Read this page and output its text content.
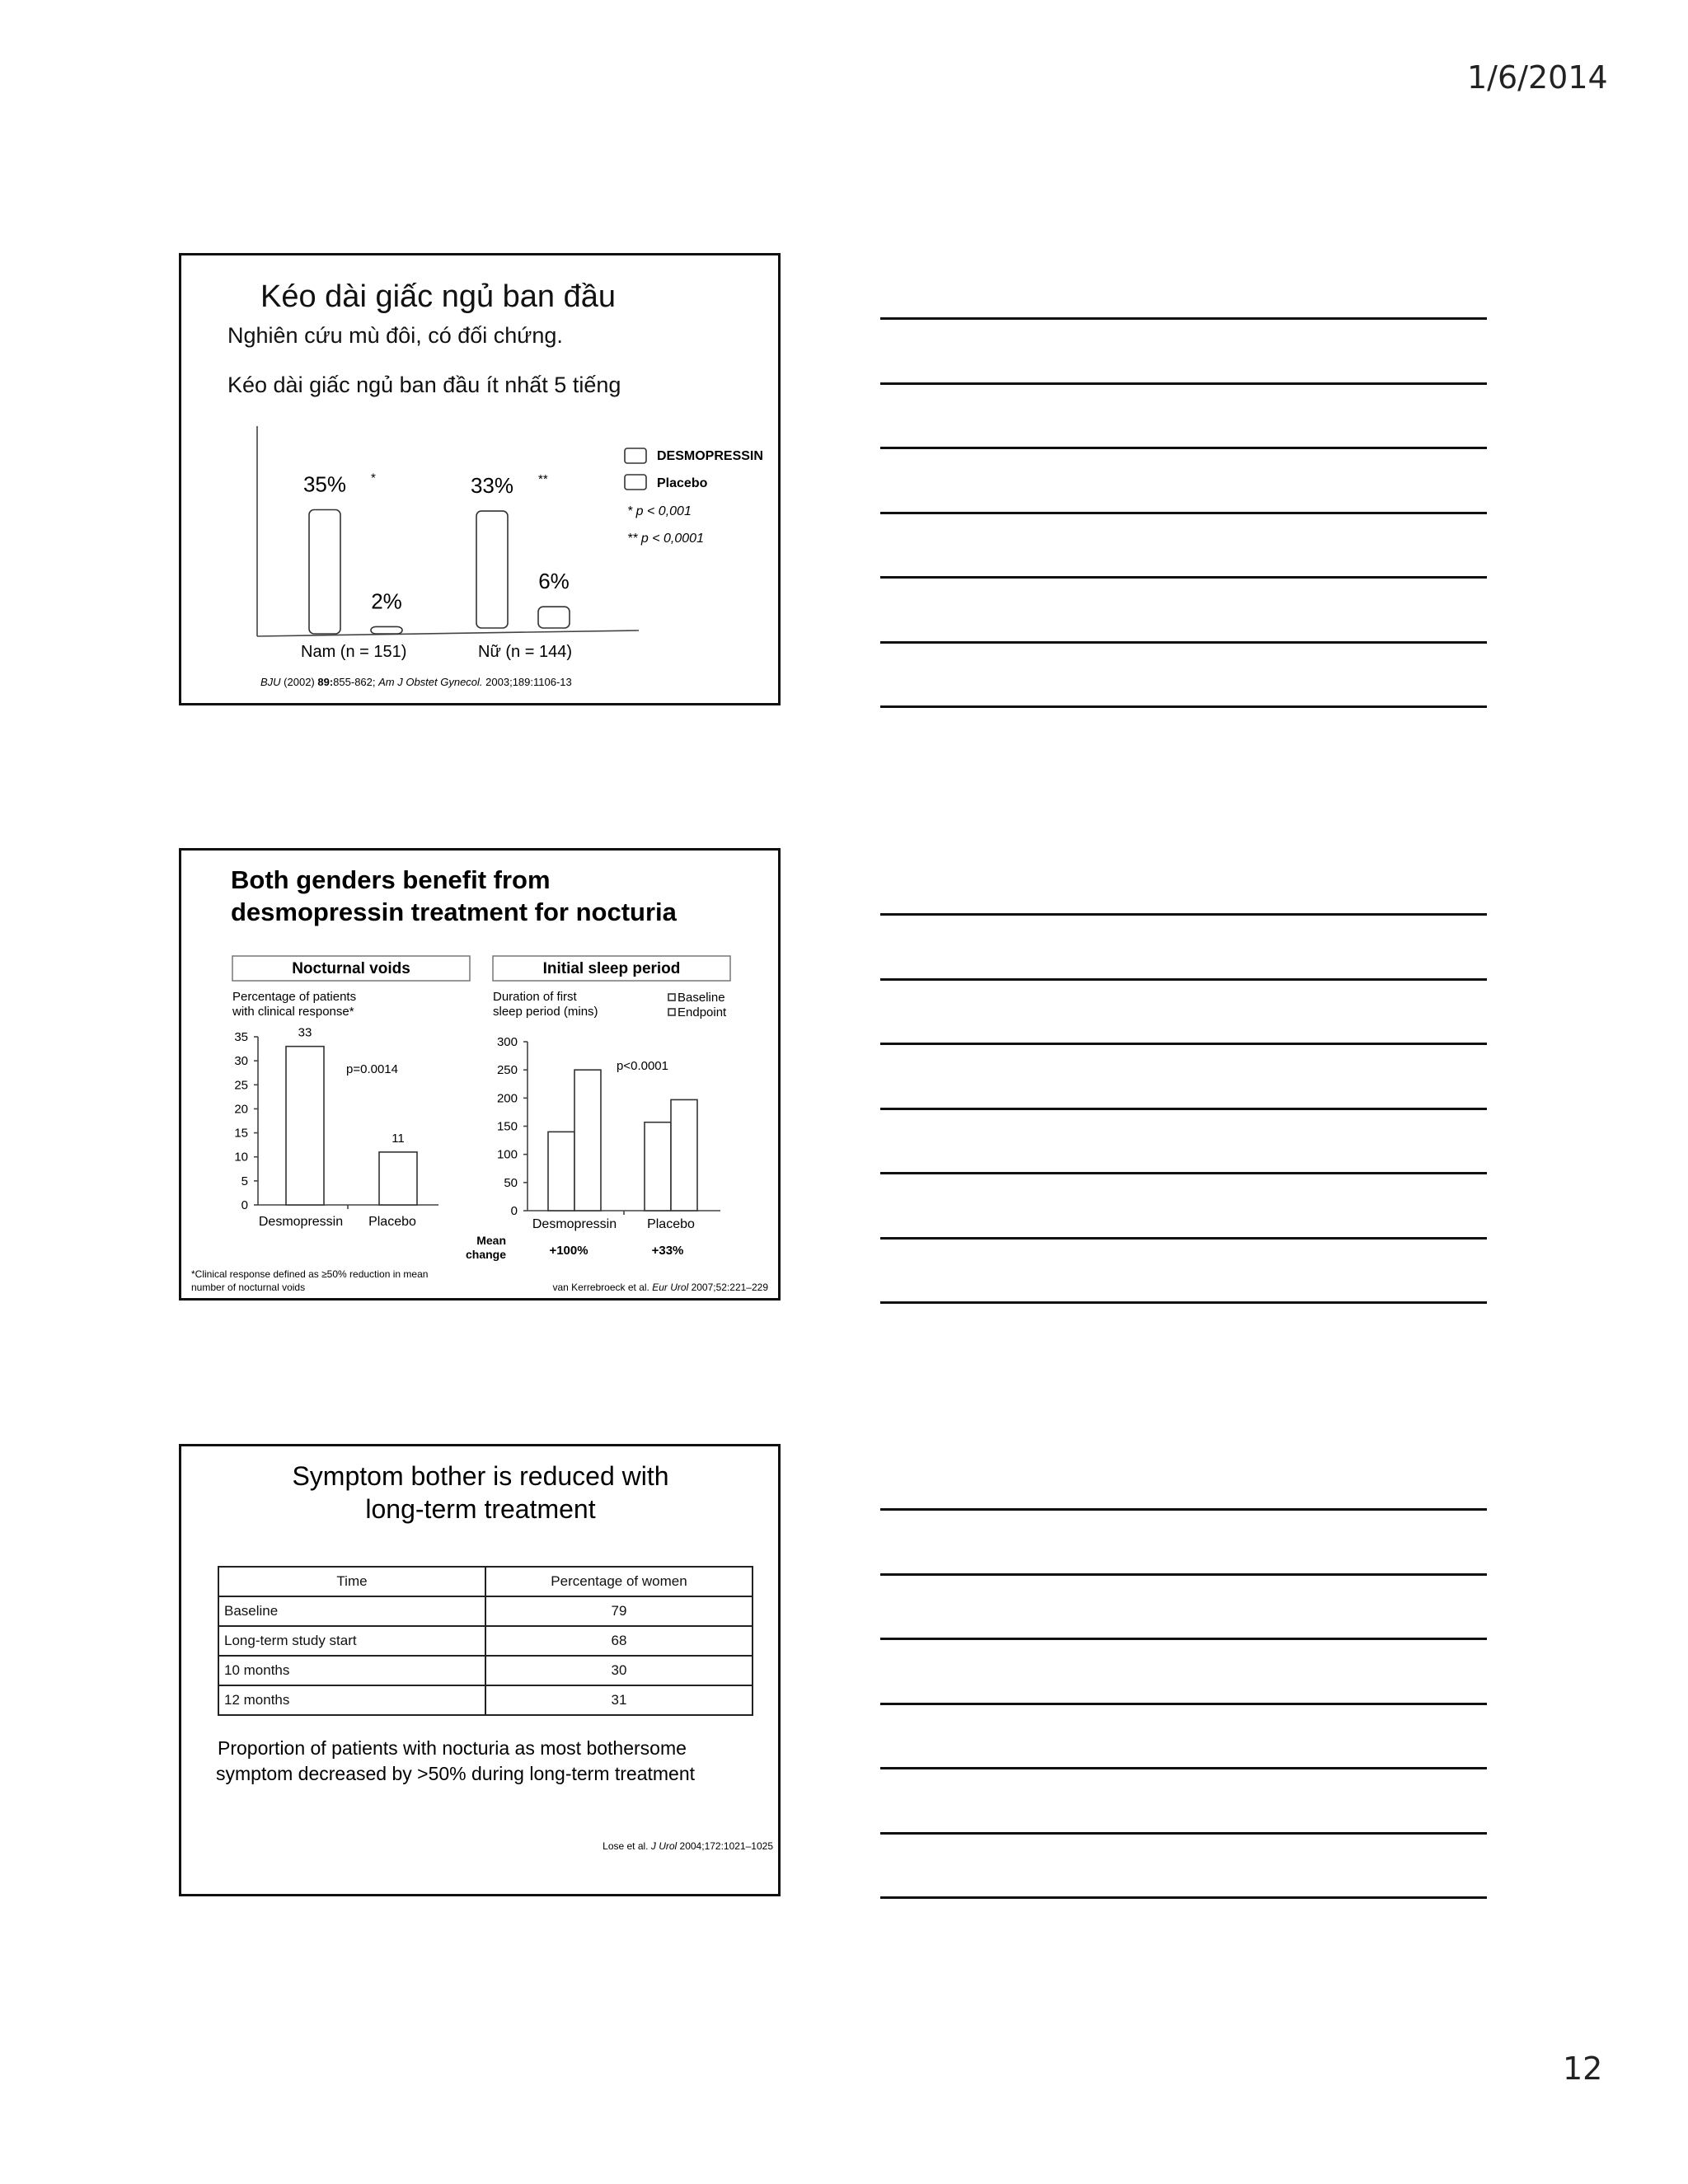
1/6/2014
12
Kéo dài giấc ngủ ban đầu
Nghiên cứu mù đôi, có đối chứng.
Kéo dài giấc ngủ ban đầu ít nhất 5 tiếng
35% *
2%
33% **
6%
Nam (n = 151)	Nữ (n = 144)
DESMOPRESSIN
Placebo
* p < 0,001
** p < 0,0001
BJU (2002) 89:855-862; Am J Obstet Gynecol. 2003;189:1106-13
Both genders benefit from
desmopressin treatment for nocturia
Nocturnal voids
Percentage of patients
with clinical response*
0
5
10
15
20
25
30
35	33
Desmopressin
11
Placebo
p=0.0014
Initial sleep period
Duration of first
sleep period (mins)
Baseline
Endpoint
0
50
100
150
200
250
300
Desmopressin Placebo
p<0.0001
Mean
change	+100%	+33%
*Clinical response defined as ≥50% reduction in mean
number of nocturnal voids	van Kerrebroeck et al. Eur Urol 2007;52:221–229
Symptom bother is reduced with
long-term treatment
Time	Percentage of women
Baseline	79
Long-term study start	68
10 months	30
12 months	31
Proportion of patients with nocturia as most bothersome
symptom decreased by >50% during long-term treatment
Lose et al. J Urol 2004;172:1021–1025
